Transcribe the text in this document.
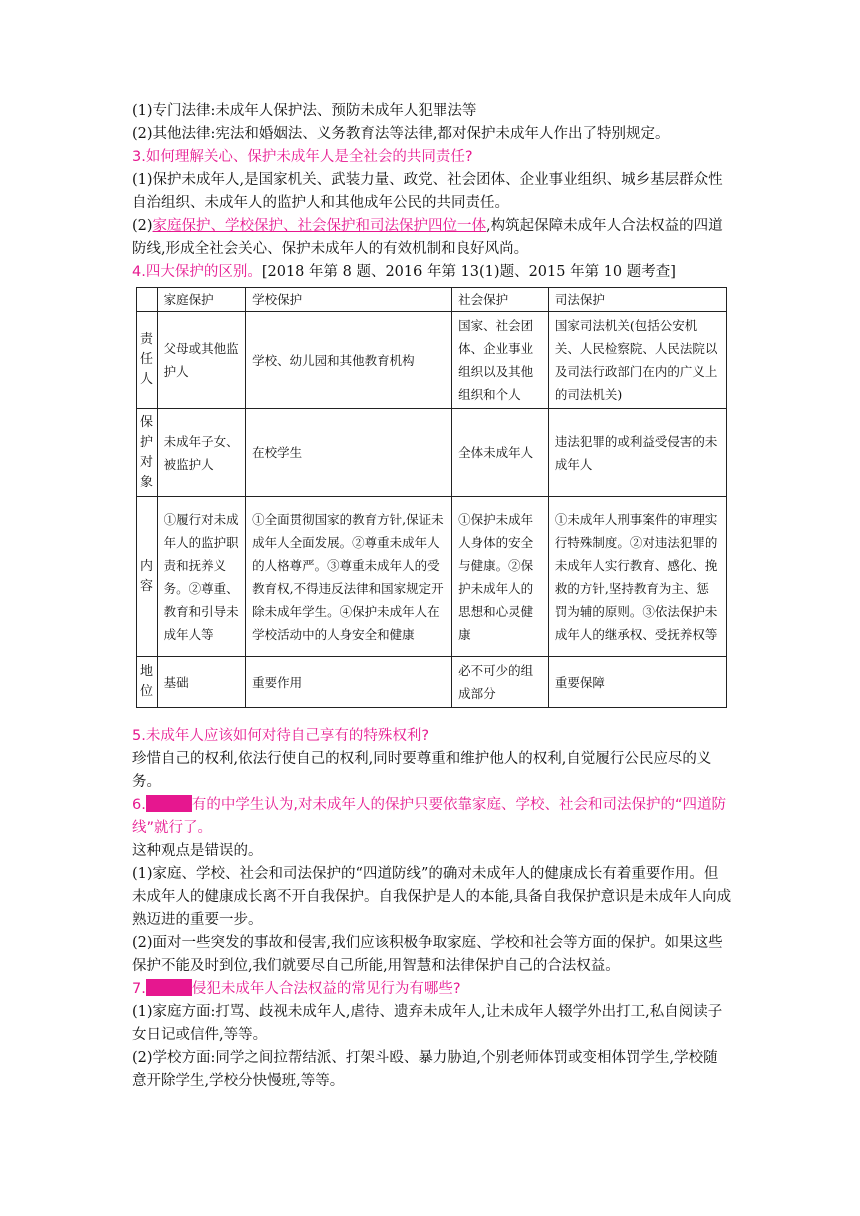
(1)专门法律:未成年人保护法、预防未成年人犯罪法等

(2)其他法律:宪法和婚姻法、义务教育法等法律,都对保护未成年人作出了特别规定。

3.如何理解关心、保护未成年人是全社会的共同责任?

(1)保护未成年人,是国家机关、武装力量、政党、社会团体、企业事业组织、城乡基层群众性自治组织、未成年人的监护人和其他成年公民的共同责任。

(2)家庭保护、学校保护、社会保护和司法保护四位一体,构筑起保障未成年人合法权益的四道防线,形成全社会关心、保护未成年人的有效机制和良好风尚。

4.四大保护的区别。[2018 年第 8 题、2016 年第 13(1)题、2015 年第 10 题考查]

	家庭保护	学校保护	社会保护	司法保护
责任人	父母或其他监护人	学校、幼儿园和其他教育机构	国家、社会团体、企业事业组织以及其他组织和个人	国家司法机关(包括公安机关、人民检察院、人民法院以及司法行政部门在内的广义上的司法机关)
保护对象	未成年子女、被监护人	在校学生	全体未成年人	违法犯罪的或利益受侵害的未成年人
内容	①履行对未成年人的监护职责和抚养义务。②尊重、教育和引导未成年人等	①全面贯彻国家的教育方针,保证未成年人全面发展。②尊重未成年人的人格尊严。③尊重未成年人的受教育权,不得违反法律和国家规定开除未成年学生。④保护未成年人在学校活动中的人身安全和健康	①保护未成年人身体的安全与健康。②保护未成年人的思想和心灵健康	①未成年人刑事案件的审理实行特殊制度。②对违法犯罪的未成年人实行教育、感化、挽救的方针,坚持教育为主、惩罚为辅的原则。③依法保护未成年人的继承权、受抚养权等
地位	基础	重要作用	必不可少的组成部分	重要保障

5.未成年人应该如何对待自己享有的特殊权利?

珍惜自己的权利,依法行使自己的权利,同时要尊重和维护他人的权利,自觉履行公民应尽的义务。

6.	有的中学生认为,对未成年人的保护只要依靠家庭、学校、社会和司法保护的“四道防线”就行了。

这种观点是错误的。

(1)家庭、学校、社会和司法保护的“四道防线”的确对未成年人的健康成长有着重要作用。但未成年人的健康成长离不开自我保护。自我保护是人的本能,具备自我保护意识是未成年人向成熟迈进的重要一步。

(2)面对一些突发的事故和侵害,我们应该积极争取家庭、学校和社会等方面的保护。如果这些保护不能及时到位,我们就要尽自己所能,用智慧和法律保护自己的合法权益。

7.	侵犯未成年人合法权益的常见行为有哪些?

(1)家庭方面:打骂、歧视未成年人,虐待、遗弃未成年人,让未成年人辍学外出打工,私自阅读子女日记或信件,等等。

(2)学校方面:同学之间拉帮结派、打架斗殴、暴力胁迫,个别老师体罚或变相体罚学生,学校随意开除学生,学校分快慢班,等等。
